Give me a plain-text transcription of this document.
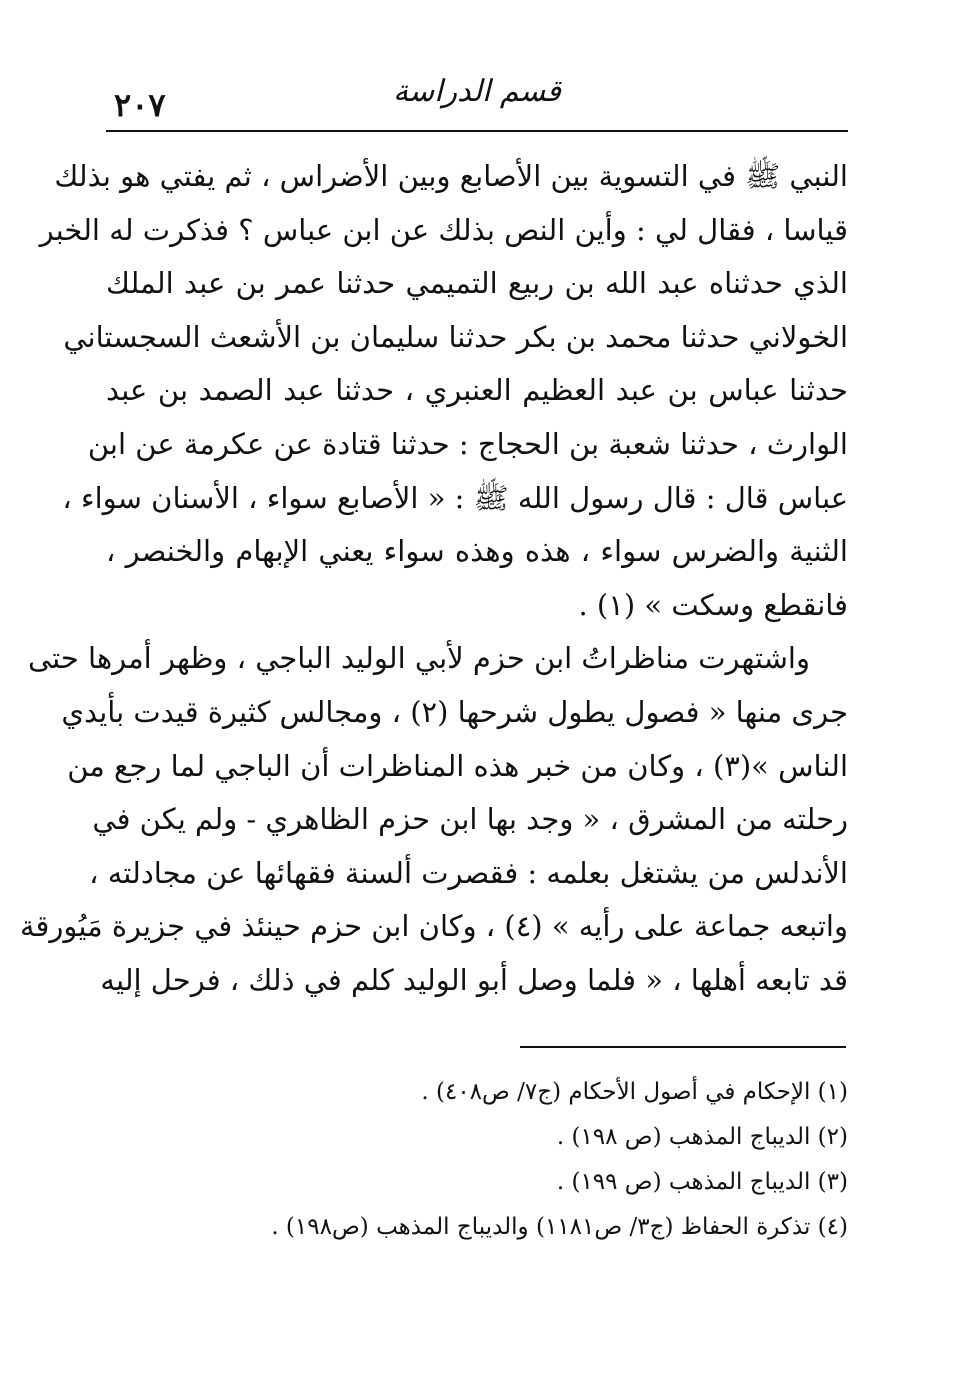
٢٠٧	قسم الدراسة
النبي ﷺ في التسوية بين الأصابع وبين الأضراس ، ثم يفتي هو بذلك
قياسا ، فقال لي : وأين النص بذلك عن ابن عباس ؟ فذكرت له الخبر
الذي حدثناه عبد الله بن ربيع التميمي حدثنا عمر بن عبد الملك
الخولاني حدثنا محمد بن بكر حدثنا سليمان بن الأشعث السجستاني
حدثنا عباس بن عبد العظيم العنبري ، حدثنا عبد الصمد بن عبد
الوارث ، حدثنا شعبة بن الحجاج : حدثنا قتادة عن عكرمة عن ابن
عباس قال : قال رسول الله ﷺ : « الأصابع سواء ، الأسنان سواء ،
الثنية والضرس سواء ، هذه وهذه سواء يعني الإبهام والخنصر ،
فانقطع وسكت » (١) .
واشتهرت مناظراتُ ابن حزم لأبي الوليد الباجي ، وظهر أمرها حتى
جرى منها « فصول يطول شرحها (٢) ، ومجالس كثيرة قيدت بأيدي
الناس »(٣) ، وكان من خبر هذه المناظرات أن الباجي لما رجع من
رحلته من المشرق ، « وجد بها ابن حزم الظاهري - ولم يكن في
الأندلس من يشتغل بعلمه : فقصرت ألسنة فقهائها عن مجادلته ،
واتبعه جماعة على رأيه » (٤) ، وكان ابن حزم حينئذ في جزيرة مَيُورقة
قد تابعه أهلها ، « فلما وصل أبو الوليد كلم في ذلك ، فرحل إليه
(١) الإحكام في أصول الأحكام (ج٧/ ص٤٠٨) .
(٢) الديباج المذهب (ص ١٩٨) .
(٣) الديباج المذهب (ص ١٩٩) .
(٤) تذكرة الحفاظ (ج٣/ ص١١٨١) والديباج المذهب (ص١٩٨) .
